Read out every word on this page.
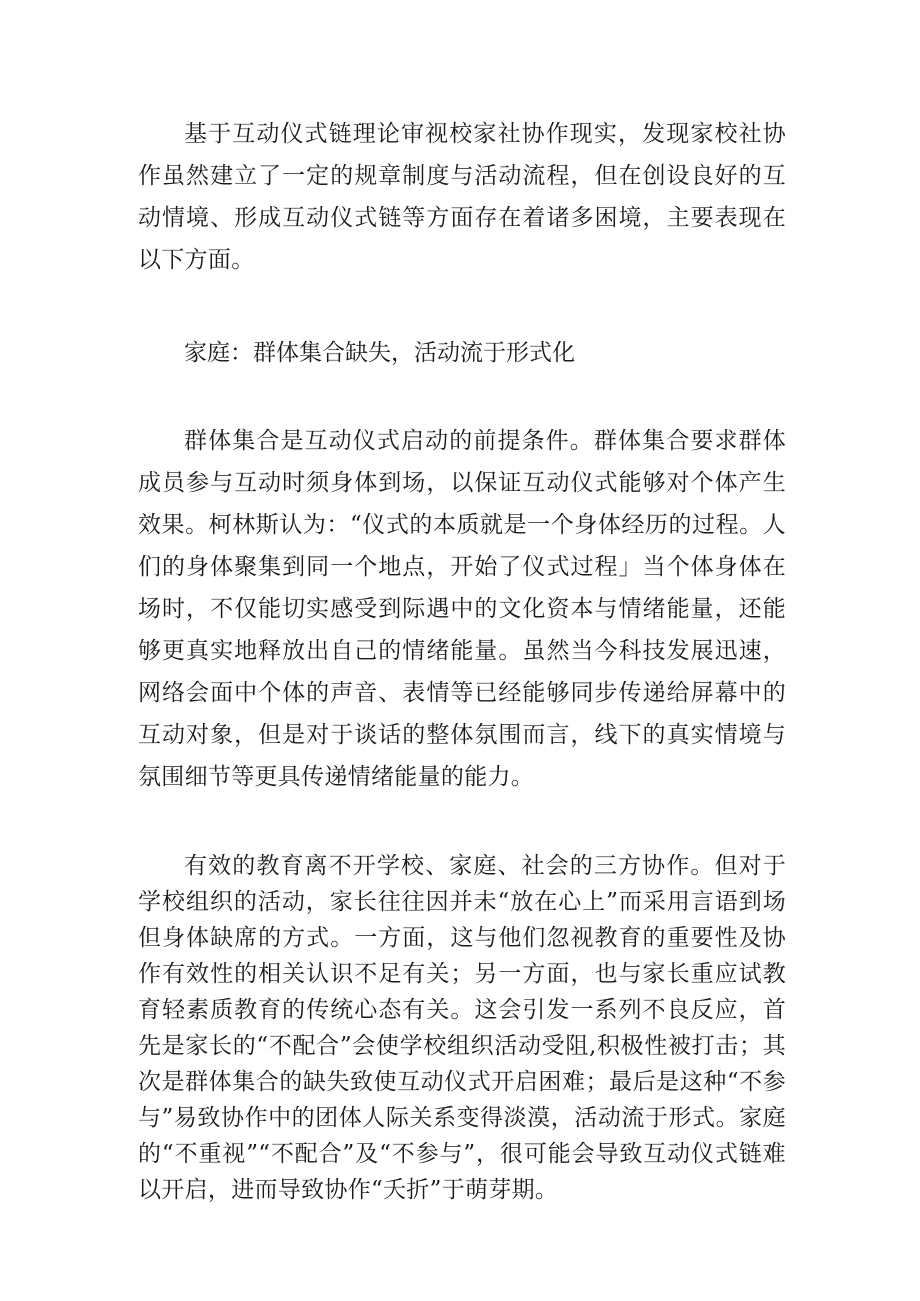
基于互动仪式链理论审视校家社协作现实，发现家校社协作虽然建立了一定的规章制度与活动流程，但在创设良好的互动情境、形成互动仪式链等方面存在着诸多困境，主要表现在以下方面。

家庭：群体集合缺失，活动流于形式化

群体集合是互动仪式启动的前提条件。群体集合要求群体成员参与互动时须身体到场，以保证互动仪式能够对个体产生效果。柯林斯认为：“仪式的本质就是一个身体经历的过程。人们的身体聚集到同一个地点，开始了仪式过程」当个体身体在场时，不仅能切实感受到际遇中的文化资本与情绪能量，还能够更真实地释放出自己的情绪能量。虽然当今科技发展迅速，网络会面中个体的声音、表情等已经能够同步传递给屏幕中的互动对象，但是对于谈话的整体氛围而言，线下的真实情境与氛围细节等更具传递情绪能量的能力。

有效的教育离不开学校、家庭、社会的三方协作。但对于学校组织的活动，家长往往因并未“放在心上”而采用言语到场但身体缺席的方式。一方面，这与他们忽视教育的重要性及协作有效性的相关认识不足有关；另一方面，也与家长重应试教育轻素质教育的传统心态有关。这会引发一系列不良反应，首先是家长的“不配合”会使学校组织活动受阻,积极性被打击；其次是群体集合的缺失致使互动仪式开启困难；最后是这种“不参与”易致协作中的团体人际关系变得淡漠，活动流于形式。家庭的“不重视”“不配合”及“不参与”，很可能会导致互动仪式链难以开启，进而导致协作“夭折”于萌芽期。
